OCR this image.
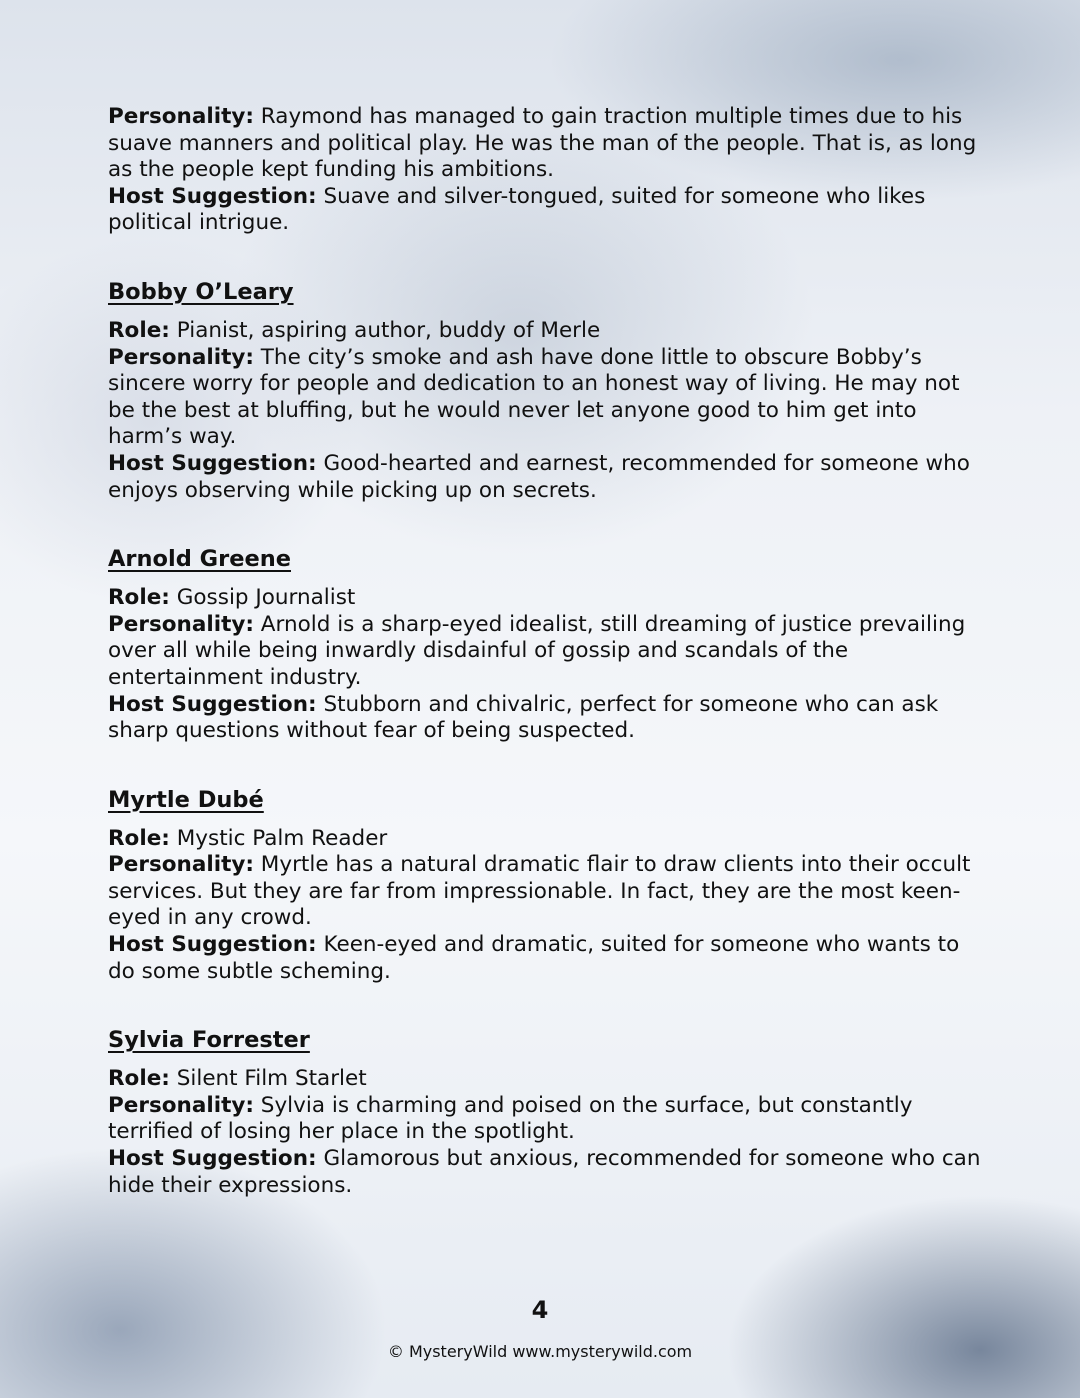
Personality: Raymond has managed to gain traction multiple times due to his suave manners and political play. He was the man of the people. That is, as long as the people kept funding his ambitions.

Host Suggestion: Suave and silver-tongued, suited for someone who likes political intrigue.

Bobby O’Leary

Role: Pianist, aspiring author, buddy of Merle

Personality: The city’s smoke and ash have done little to obscure Bobby’s sincere worry for people and dedication to an honest way of living. He may not be the best at bluffing, but he would never let anyone good to him get into harm’s way.

Host Suggestion: Good-hearted and earnest, recommended for someone who enjoys observing while picking up on secrets.

Arnold Greene

Role: Gossip Journalist

Personality: Arnold is a sharp-eyed idealist, still dreaming of justice prevailing over all while being inwardly disdainful of gossip and scandals of the entertainment industry.

Host Suggestion: Stubborn and chivalric, perfect for someone who can ask sharp questions without fear of being suspected.

Myrtle Dubé

Role: Mystic Palm Reader

Personality: Myrtle has a natural dramatic flair to draw clients into their occult services. But they are far from impressionable. In fact, they are the most keen-eyed in any crowd.

Host Suggestion: Keen-eyed and dramatic, suited for someone who wants to do some subtle scheming.

Sylvia Forrester

Role: Silent Film Starlet

Personality: Sylvia is charming and poised on the surface, but constantly terrified of losing her place in the spotlight.

Host Suggestion: Glamorous but anxious, recommended for someone who can hide their expressions.

4
© MysteryWild www.mysterywild.com
